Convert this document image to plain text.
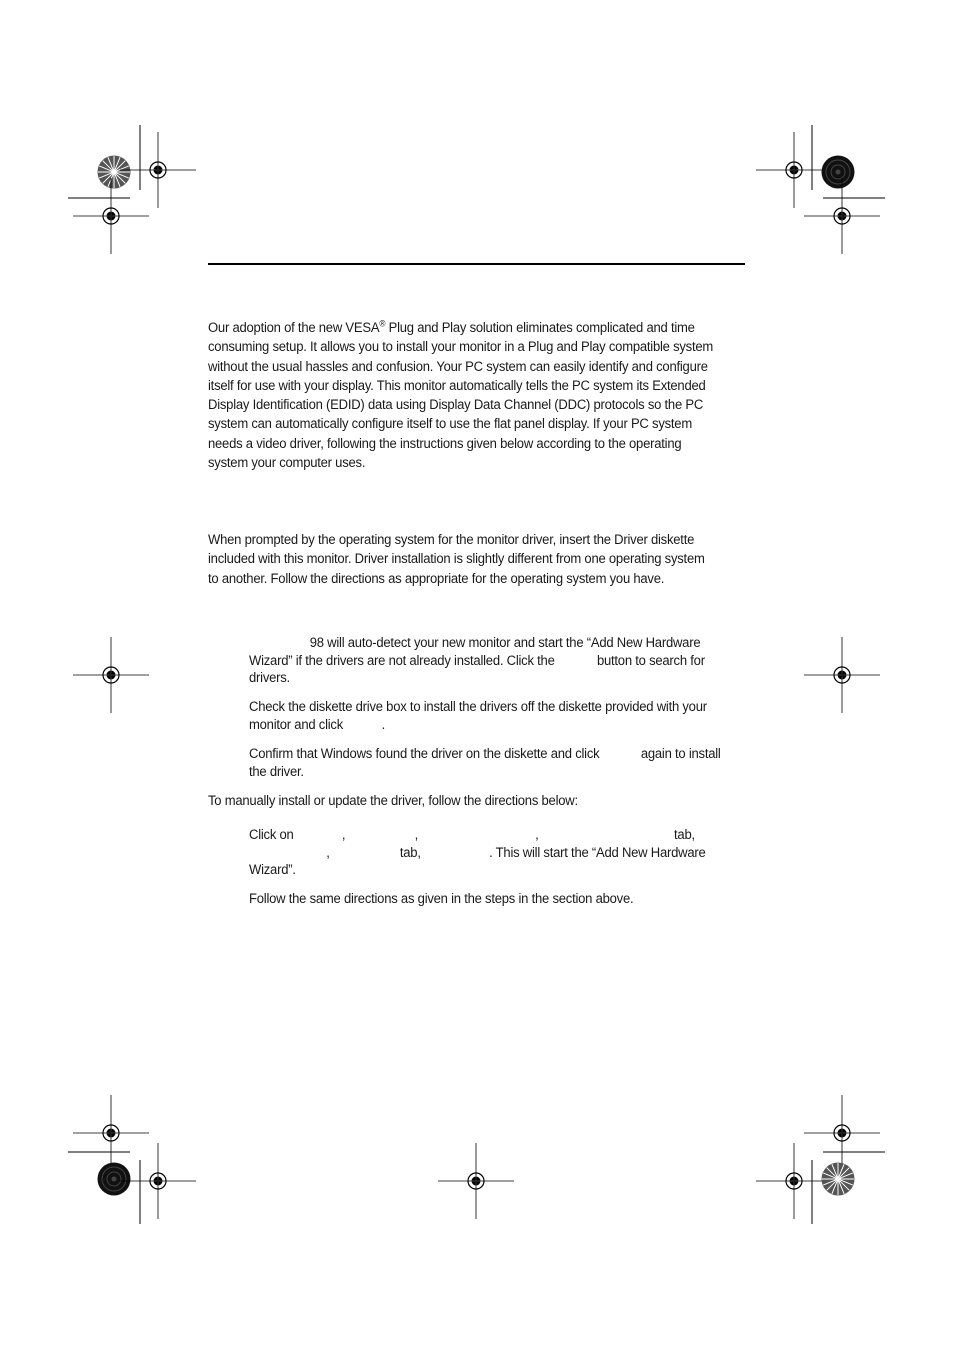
Our adoption of the new VESA® Plug and Play solution eliminates complicated and time
consuming setup. It allows you to install your monitor in a Plug and Play compatible system
without the usual hassles and confusion. Your PC system can easily identify and configure
itself for use with your display. This monitor automatically tells the PC system its Extended
Display Identification (EDID) data using Display Data Channel (DDC) protocols so the PC
system can automatically configure itself to use the flat panel display. If your PC system
needs a video driver, following the instructions given below according to the operating
system your computer uses.
When prompted by the operating system for the monitor driver, insert the Driver diskette
included with this monitor. Driver installation is slightly different from one operating system
to another. Follow the directions as appropriate for the operating system you have.
98 will auto-detect your new monitor and start the “Add New Hardware
Wizard” if the drivers are not already installed. Click the	button to search for
drivers.
Check the diskette drive box to install the drivers off the diskette provided with your
monitor and click	.
Confirm that Windows found the driver on the diskette and click	again to install
the driver.
To manually install or update the driver, follow the directions below:
Click on	,	,	,	tab,
,	tab,	. This will start the “Add New Hardware
Wizard”.
Follow the same directions as given in the steps in the section above.
